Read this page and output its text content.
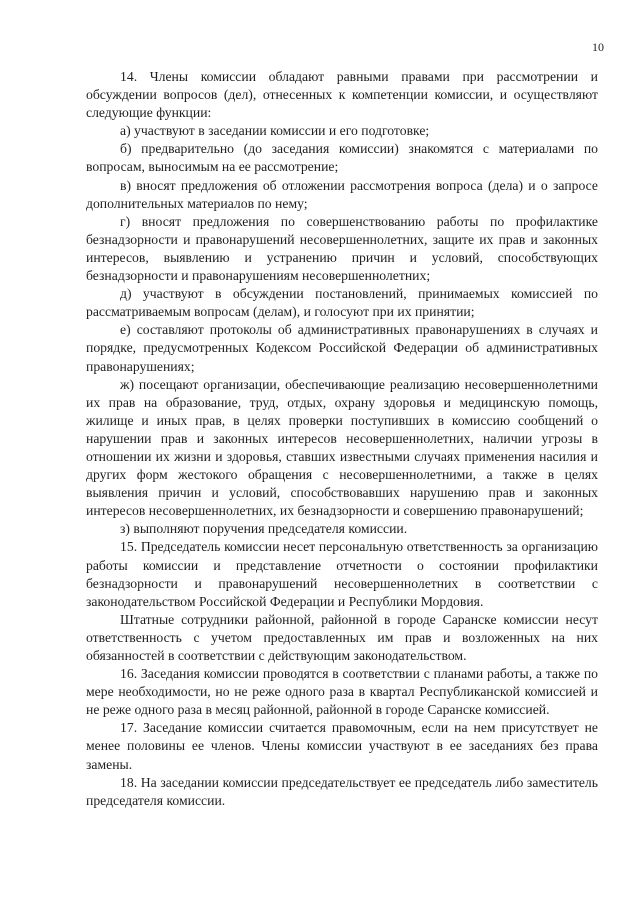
10

14. Члены комиссии обладают равными правами при рассмотрении и обсуждении вопросов (дел), отнесенных к компетенции комиссии, и осуществляют следующие функции:

а) участвуют в заседании комиссии и его подготовке;

б) предварительно (до заседания комиссии) знакомятся с материалами по вопросам, выносимым на ее рассмотрение;

в) вносят предложения об отложении рассмотрения вопроса (дела) и о запросе дополнительных материалов по нему;

г) вносят предложения по совершенствованию работы по профилактике безнадзорности и правонарушений несовершеннолетних, защите их прав и законных интересов, выявлению и устранению причин и условий, способствующих безнадзорности и правонарушениям несовершеннолетних;

д) участвуют в обсуждении постановлений, принимаемых комиссией по рассматриваемым вопросам (делам), и голосуют при их принятии;

е) составляют протоколы об административных правонарушениях в случаях и порядке, предусмотренных Кодексом Российской Федерации об административных правонарушениях;

ж) посещают организации, обеспечивающие реализацию несовершеннолетними их прав на образование, труд, отдых, охрану здоровья и медицинскую помощь, жилище и иных прав, в целях проверки поступивших в комиссию сообщений о нарушении прав и законных интересов несовершеннолетних, наличии угрозы в отношении их жизни и здоровья, ставших известными случаях применения насилия и других форм жестокого обращения с несовершеннолетними, а также в целях выявления причин и условий, способствовавших нарушению прав и законных интересов несовершеннолетних, их безнадзорности и совершению правонарушений;

з) выполняют поручения председателя комиссии.

15. Председатель комиссии несет персональную ответственность за организацию работы комиссии и представление отчетности о состоянии профилактики безнадзорности и правонарушений несовершеннолетних в соответствии с законодательством Российской Федерации и Республики Мордовия.

Штатные сотрудники районной, районной в городе Саранске комиссии несут ответственность с учетом предоставленных им прав и возложенных на них обязанностей в соответствии с действующим законодательством.

16. Заседания комиссии проводятся в соответствии с планами работы, а также по мере необходимости, но не реже одного раза в квартал Республиканской комиссией и не реже одного раза в месяц районной, районной в городе Саранске комиссией.

17. Заседание комиссии считается правомочным, если на нем присутствует не менее половины ее членов. Члены комиссии участвуют в ее заседаниях без права замены.

18. На заседании комиссии председательствует ее председатель либо заместитель председателя комиссии.
